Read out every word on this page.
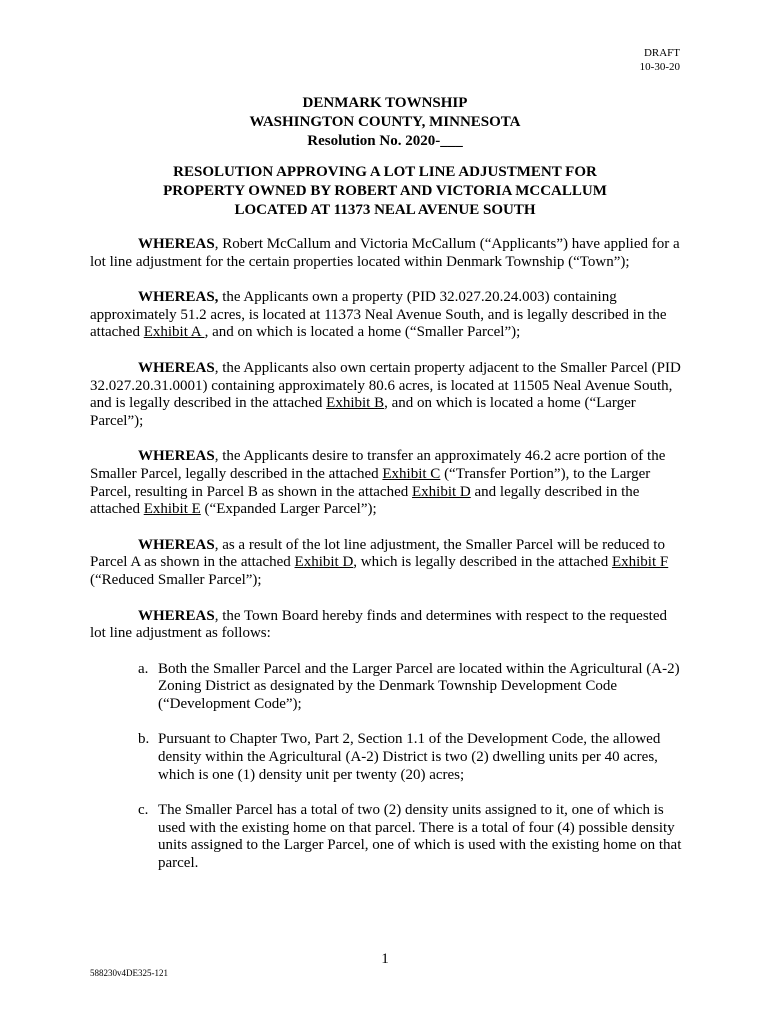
DRAFT
10-30-20
DENMARK TOWNSHIP
WASHINGTON COUNTY, MINNESOTA
Resolution No. 2020-___
RESOLUTION APPROVING A LOT LINE ADJUSTMENT FOR
PROPERTY OWNED BY ROBERT AND VICTORIA MCCALLUM
LOCATED AT 11373 NEAL AVENUE SOUTH

WHEREAS, Robert McCallum and Victoria McCallum (“Applicants”) have applied for a lot line adjustment for the certain properties located within Denmark Township (“Town”);

WHEREAS, the Applicants own a property (PID 32.027.20.24.003) containing approximately 51.2 acres, is located at 11373 Neal Avenue South, and is legally described in the attached Exhibit A , and on which is located a home (“Smaller Parcel”);

WHEREAS, the Applicants also own certain property adjacent to the Smaller Parcel (PID 32.027.20.31.0001) containing approximately 80.6 acres, is located at 11505 Neal Avenue South, and is legally described in the attached Exhibit B, and on which is located a home (“Larger Parcel”);

WHEREAS, the Applicants desire to transfer an approximately 46.2 acre portion of the Smaller Parcel, legally described in the attached Exhibit C (“Transfer Portion”), to the Larger Parcel, resulting in Parcel B as shown in the attached Exhibit D and legally described in the attached Exhibit E (“Expanded Larger Parcel”);

WHEREAS, as a result of the lot line adjustment, the Smaller Parcel will be reduced to Parcel A as shown in the attached Exhibit D, which is legally described in the attached Exhibit F (“Reduced Smaller Parcel”);

WHEREAS, the Town Board hereby finds and determines with respect to the requested lot line adjustment as follows:

a. Both the Smaller Parcel and the Larger Parcel are located within the Agricultural (A-2) Zoning District as designated by the Denmark Township Development Code (“Development Code”);
b. Pursuant to Chapter Two, Part 2, Section 1.1 of the Development Code, the allowed density within the Agricultural (A-2) District is two (2) dwelling units per 40 acres, which is one (1) density unit per twenty (20) acres;
c. The Smaller Parcel has a total of two (2) density units assigned to it, one of which is used with the existing home on that parcel. There is a total of four (4) possible density units assigned to the Larger Parcel, one of which is used with the existing home on that parcel.
1
588230v4DE325-121
